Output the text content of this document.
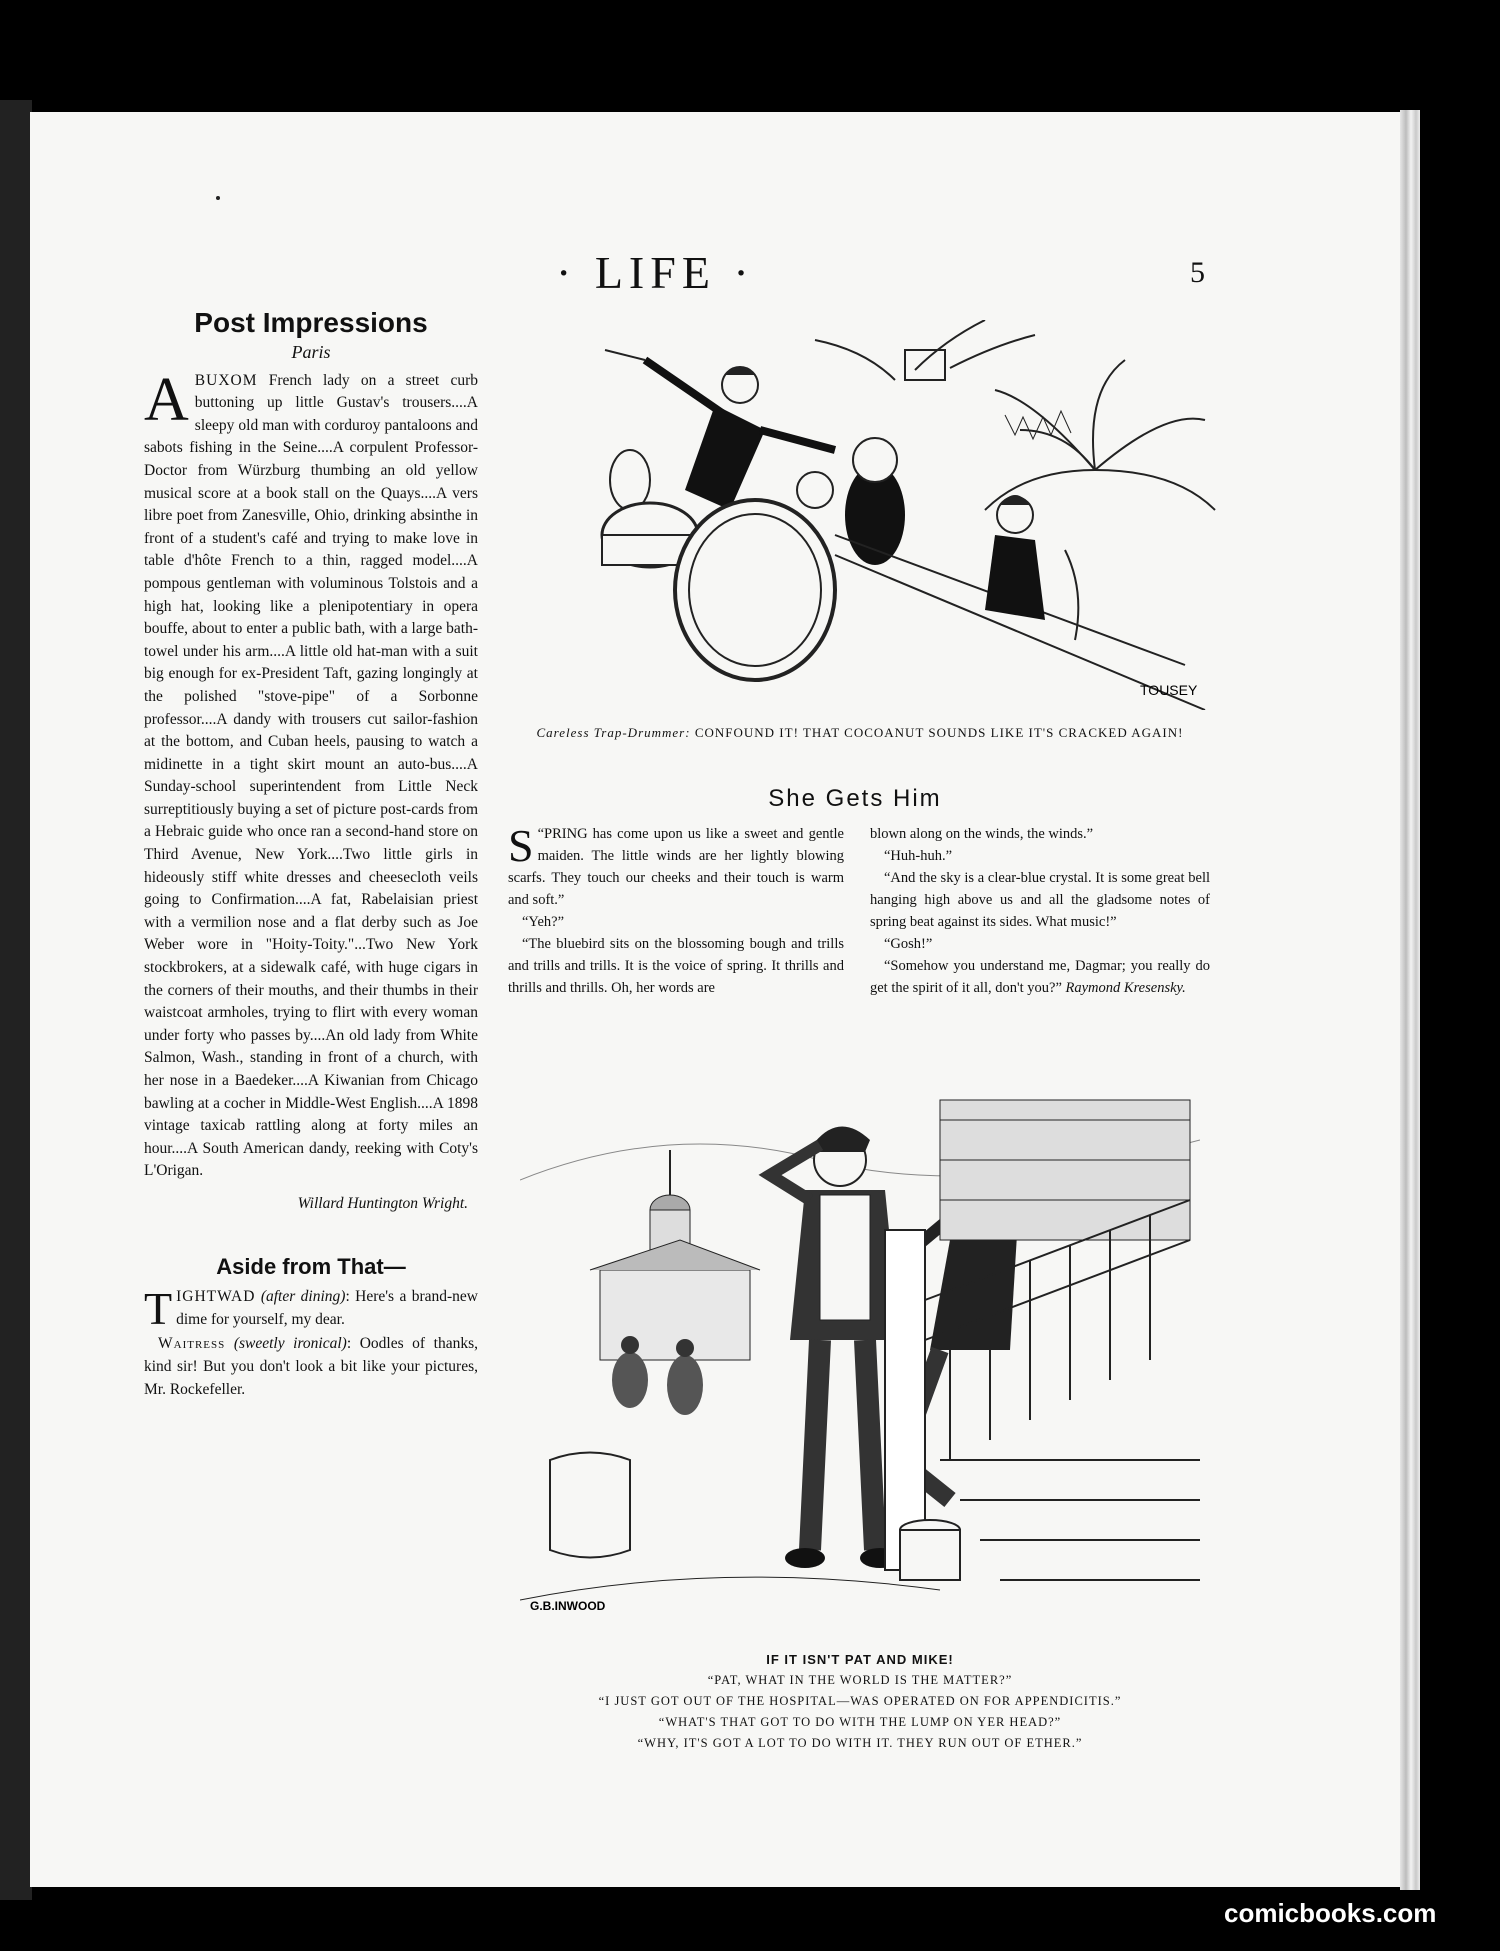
· LIFE ·	5
Post Impressions

Paris

ABUXOM French lady on a street curb buttoning up little Gustav's trousers....A sleepy old man with corduroy pantaloons and sabots fishing in the Seine....A corpulent Professor-Doctor from Würzburg thumbing an old yellow musical score at a book stall on the Quays....A vers libre poet from Zanesville, Ohio, drinking absinthe in front of a student's café and trying to make love in table d'hôte French to a thin, ragged model....A pompous gentleman with voluminous Tolstois and a high hat, looking like a plenipotentiary in opera bouffe, about to enter a public bath, with a large bath-towel under his arm....A little old hat-man with a suit big enough for ex-President Taft, gazing longingly at the polished "stove-pipe" of a Sorbonne professor....A dandy with trousers cut sailor-fashion at the bottom, and Cuban heels, pausing to watch a midinette in a tight skirt mount an auto-bus....A Sunday-school superintendent from Little Neck surreptitiously buying a set of picture post-cards from a Hebraic guide who once ran a second-hand store on Third Avenue, New York....Two little girls in hideously stiff white dresses and cheesecloth veils going to Confirmation....A fat, Rabelaisian priest with a vermilion nose and a flat derby such as Joe Weber wore in "Hoity-Toity."...Two New York stockbrokers, at a sidewalk café, with huge cigars in the corners of their mouths, and their thumbs in their waistcoat armholes, trying to flirt with every woman under forty who passes by....An old lady from White Salmon, Wash., standing in front of a church, with her nose in a Baedeker....A Kiwanian from Chicago bawling at a cocher in Middle-West English....A 1898 vintage taxicab rattling along at forty miles an hour....A South American dandy, reeking with Coty's L'Origan.
Willard Huntington Wright.
Aside from That—
TIGHTWAD (after dining): Here's a brand-new dime for yourself, my dear.
Waitress (sweetly ironical): Oodles of thanks, kind sir! But you don't look a bit like your pictures, Mr. Rockefeller.
TOUSEY
Careless Trap-Drummer: CONFOUND IT! THAT COCOANUT SOUNDS LIKE IT'S CRACKED AGAIN!
She Gets Him

S “PRING has come upon us like a sweet and gentle maiden. The little winds are her lightly blowing scarfs. They touch our cheeks and their touch is warm and soft.”

“Yeh?”

“The bluebird sits on the blossoming bough and trills and trills and trills. It is the voice of spring. It thrills and thrills and thrills. Oh, her words are

blown along on the winds, the winds.”

“Huh-huh.”

“And the sky is a clear-blue crystal. It is some great bell hanging high above us and all the gladsome notes of spring beat against its sides. What music!”

“Gosh!”

“Somehow you understand me, Dagmar; you really do get the spirit of it all, don't you?” Raymond Kresensky.

G.B.INWOOD
IF IT ISN'T PAT AND MIKE!
“PAT, WHAT IN THE WORLD IS THE MATTER?”
“I JUST GOT OUT OF THE HOSPITAL—WAS OPERATED ON FOR APPENDICITIS.”
“WHAT'S THAT GOT TO DO WITH THE LUMP ON YER HEAD?”
“WHY, IT'S GOT A LOT TO DO WITH IT. THEY RUN OUT OF ETHER.”
comicbooks.com
